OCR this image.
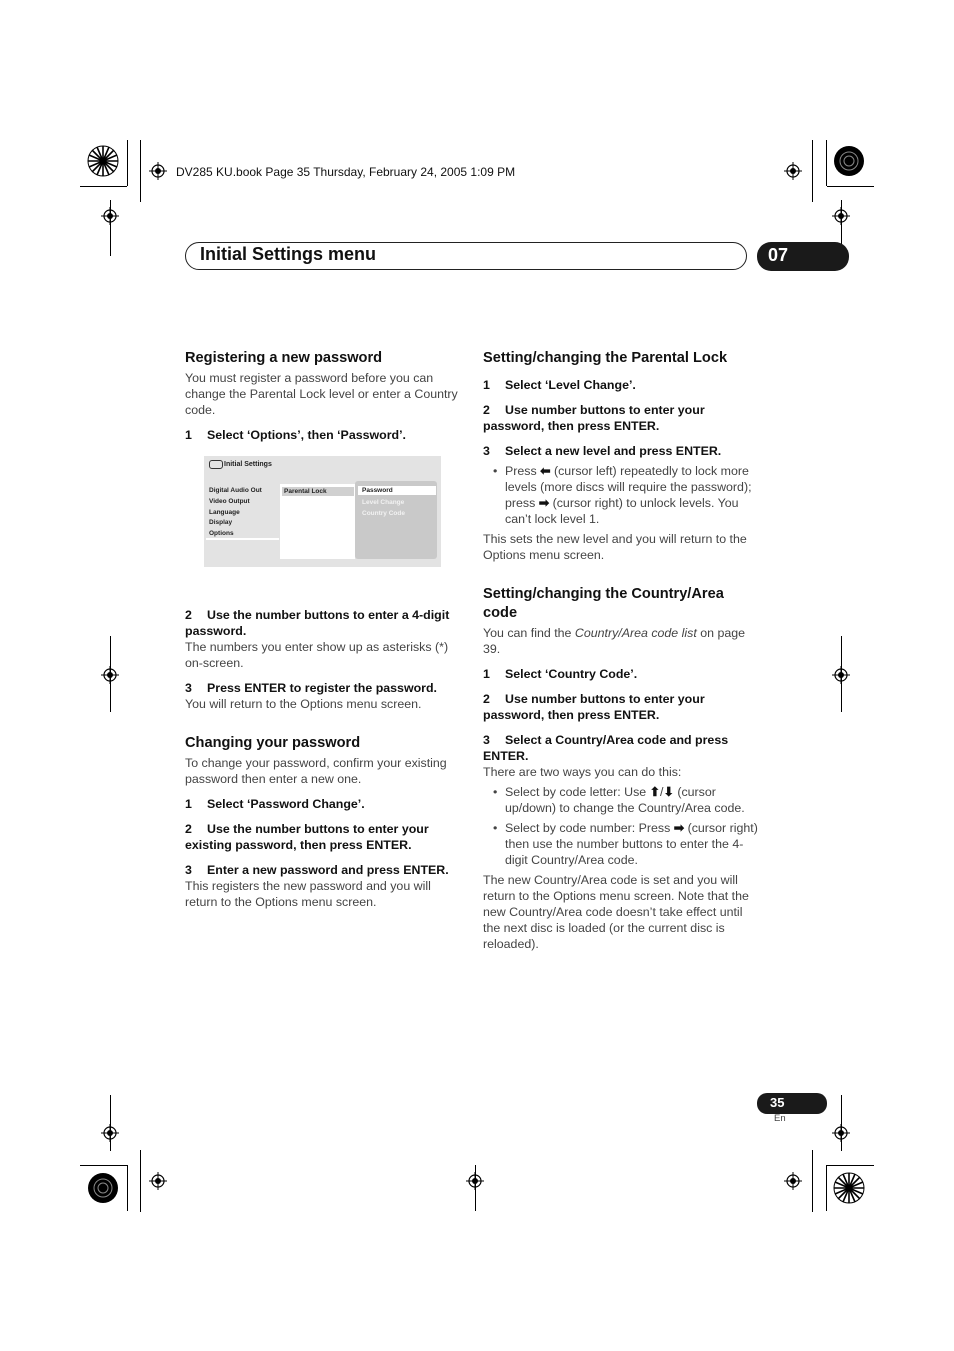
DV285 KU.book Page 35 Thursday, February 24, 2005 1:09 PM
Initial Settings menu	07
Registering a new password

You must register a password before you can change the Parental Lock level or enter a Country code.

1 Select ‘Options’, then ‘Password’.

2 Use the number buttons to enter a 4-digit password.

The numbers you enter show up as asterisks (*) on-screen.

3 Press ENTER to register the password.

You will return to the Options menu screen.

Changing your password

To change your password, confirm your existing password then enter a new one.

1 Select ‘Password Change’.

2 Use the number buttons to enter your existing password, then press ENTER.

3 Enter a new password and press ENTER.

This registers the new password and you will return to the Options menu screen.

Initial Settings
Digital Audio Out
Video Output
Language
Display
Options
Parental Lock	Password
Level Change
Country Code
Setting/changing the Parental Lock

1 Select ‘Level Change’.

2 Use number buttons to enter your password, then press ENTER.

3 Select a new level and press ENTER.

• Press ⬅ (cursor left) repeatedly to lock more levels (more discs will require the password); press ➡ (cursor right) to unlock levels. You can’t lock level 1.

This sets the new level and you will return to the Options menu screen.

Setting/changing the Country/Area code

You can find the Country/Area code list on page 39.

1 Select ‘Country Code’.

2 Use number buttons to enter your password, then press ENTER.

3 Select a Country/Area code and press ENTER.

There are two ways you can do this:

• Select by code letter: Use ⬆/⬇ (cursor up/down) to change the Country/Area code.
• Select by code number: Press ➡ (cursor right) then use the number buttons to enter the 4-digit Country/Area code.

The new Country/Area code is set and you will return to the Options menu screen. Note that the new Country/Area code doesn’t take effect until the next disc is loaded (or the current disc is reloaded).

35
En
